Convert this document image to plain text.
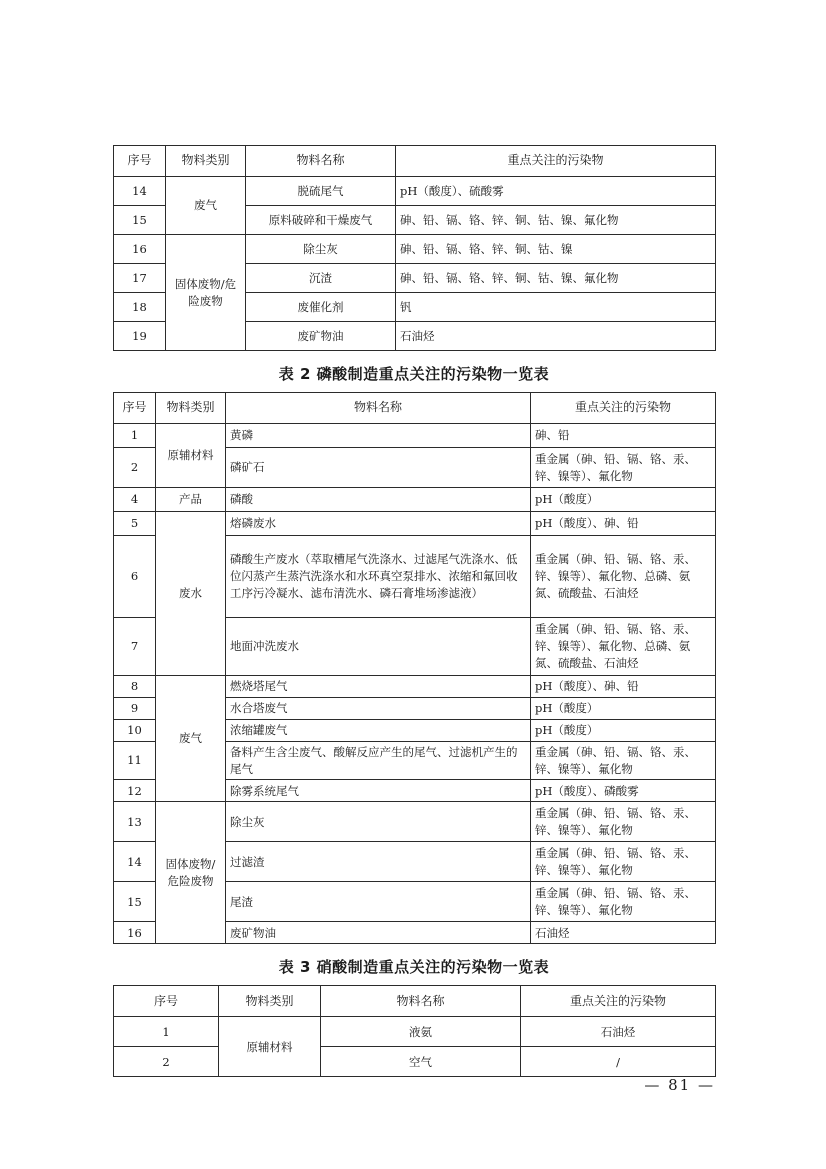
序号	物料类别	物料名称	重点关注的污染物
14	废气	脱硫尾气	pH（酸度）、硫酸雾
15		原料破碎和干燥废气	砷、铅、镉、铬、锌、铜、钴、镍、氟化物
16	固体废物/危险废物	除尘灰	砷、铅、镉、铬、锌、铜、钴、镍
17		沉渣	砷、铅、镉、铬、锌、铜、钴、镍、氟化物
18		废催化剂	钒
19		废矿物油	石油烃
表 2 磷酸制造重点关注的污染物一览表
序号	物料类别	物料名称	重点关注的污染物
1	原辅材料	黄磷	砷、铅
2		磷矿石	重金属（砷、铅、镉、铬、汞、锌、镍等）、氟化物
4	产品	磷酸	pH（酸度）
5	废水	熔磷废水	pH（酸度）、砷、铅
6		磷酸生产废水（萃取槽尾气洗涤水、过滤尾气洗涤水、低位闪蒸产生蒸汽洗涤水和水环真空泵排水、浓缩和氟回收工序污冷凝水、滤布清洗水、磷石膏堆场渗滤液）	重金属（砷、铅、镉、铬、汞、锌、镍等）、氟化物、总磷、氨氮、硫酸盐、石油烃
7		地面冲洗废水	重金属（砷、铅、镉、铬、汞、锌、镍等）、氟化物、总磷、氨氮、硫酸盐、石油烃
8	废气	燃烧塔尾气	pH（酸度）、砷、铅
9		水合塔废气	pH（酸度）
10		浓缩罐废气	pH（酸度）
11		备料产生含尘废气、酸解反应产生的尾气、过滤机产生的尾气	重金属（砷、铅、镉、铬、汞、锌、镍等）、氟化物
12		除雾系统尾气	pH（酸度）、磷酸雾
13	固体废物/危险废物	除尘灰	重金属（砷、铅、镉、铬、汞、锌、镍等）、氟化物
14		过滤渣	重金属（砷、铅、镉、铬、汞、锌、镍等）、氟化物
15		尾渣	重金属（砷、铅、镉、铬、汞、锌、镍等）、氟化物
16		废矿物油	石油烃
表 3 硝酸制造重点关注的污染物一览表
序号	物料类别	物料名称	重点关注的污染物
1	原辅材料	液氨	石油烃
2		空气	/
— 81 —
